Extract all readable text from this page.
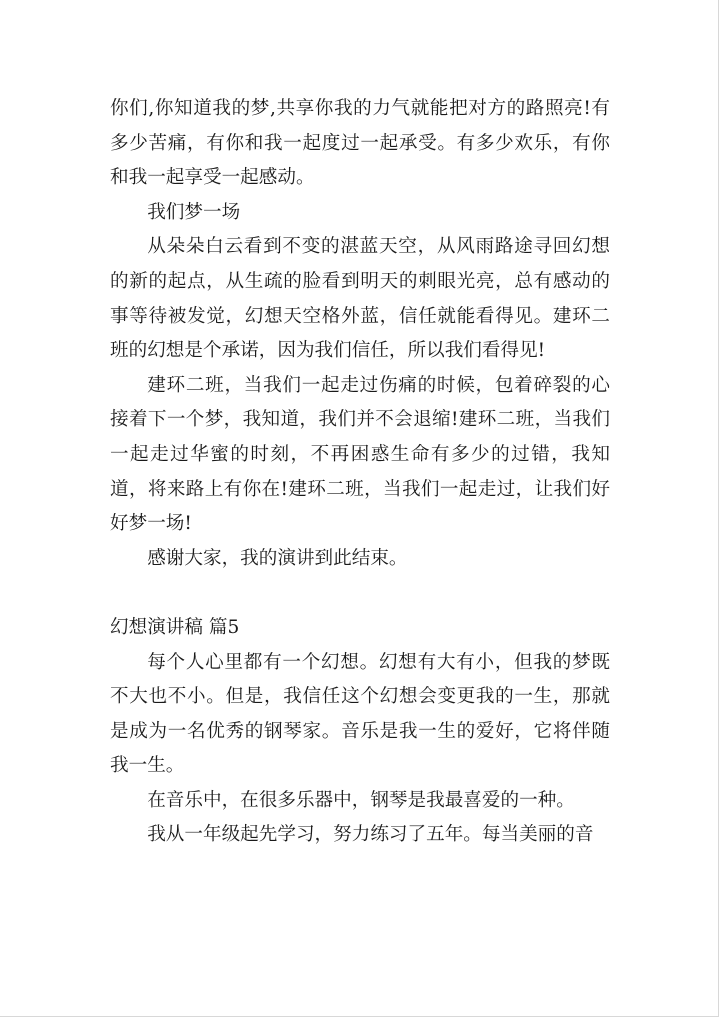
你们,你知道我的梦,共享你我的力气就能把对方的路照亮!有多少苦痛，有你和我一起度过一起承受。有多少欢乐，有你和我一起享受一起感动。

我们梦一场

从朵朵白云看到不变的湛蓝天空，从风雨路途寻回幻想的新的起点，从生疏的脸看到明天的刺眼光亮，总有感动的事等待被发觉，幻想天空格外蓝，信任就能看得见。建环二班的幻想是个承诺，因为我们信任，所以我们看得见!

建环二班，当我们一起走过伤痛的时候，包着碎裂的心接着下一个梦，我知道，我们并不会退缩!建环二班，当我们一起走过华蜜的时刻，不再困惑生命有多少的过错，我知道，将来路上有你在!建环二班，当我们一起走过，让我们好好梦一场!

感谢大家，我的演讲到此结束。

幻想演讲稿 篇5

每个人心里都有一个幻想。幻想有大有小，但我的梦既不大也不小。但是，我信任这个幻想会变更我的一生，那就是成为一名优秀的钢琴家。音乐是我一生的爱好，它将伴随我一生。

在音乐中，在很多乐器中，钢琴是我最喜爱的一种。

我从一年级起先学习，努力练习了五年。每当美丽的音
